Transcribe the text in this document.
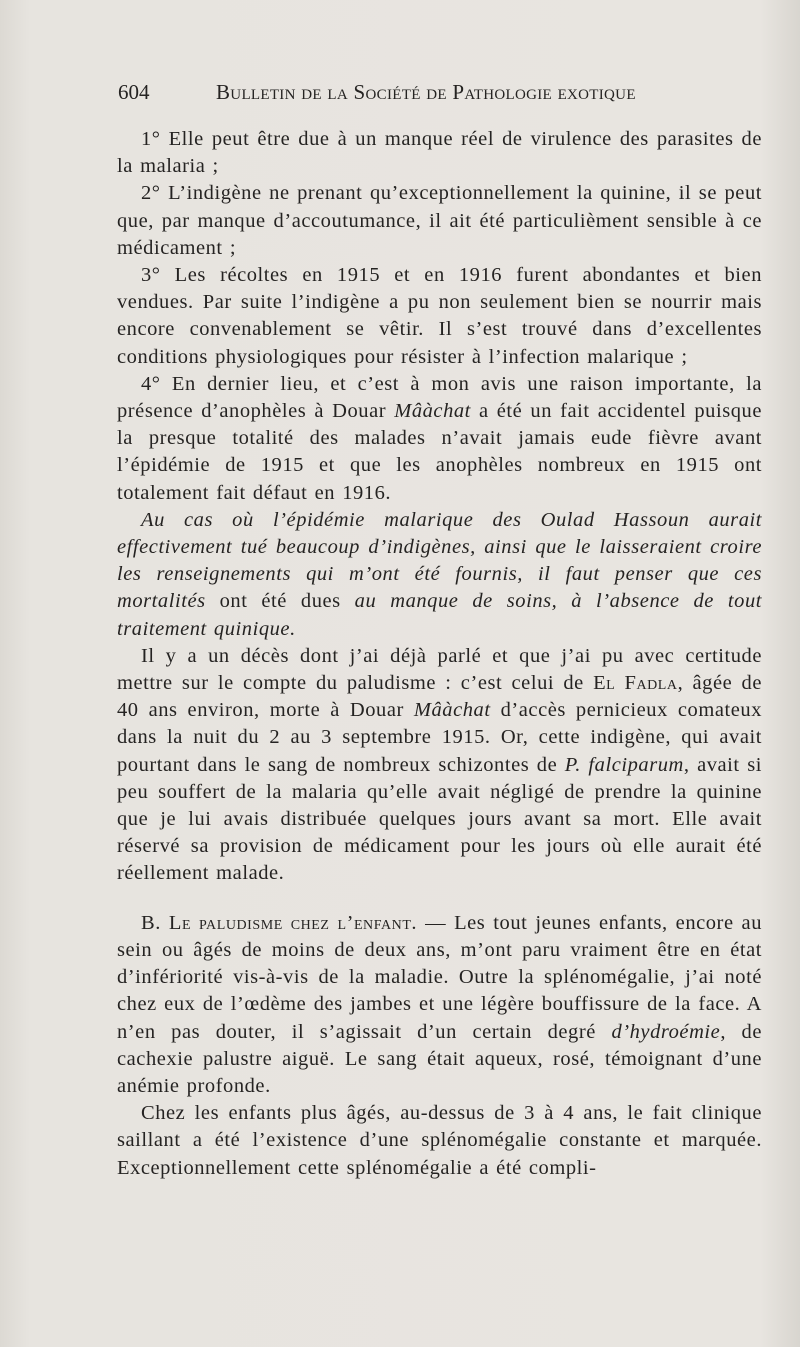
604	Bulletin de la Société de Pathologie exotique

1° Elle peut être due à un manque réel de virulence des parasites de la malaria ;

2° L’indigène ne prenant qu’exceptionnellement la quinine, il se peut que, par manque d’accoutumance, il ait été particulièment sensible à ce médicament ;

3° Les récoltes en 1915 et en 1916 furent abondantes et bien vendues. Par suite l’indigène a pu non seulement bien se nourrir mais encore convenablement se vêtir. Il s’est trouvé dans d’excellentes conditions physiologiques pour résister à l’infection malarique ;

4° En dernier lieu, et c’est à mon avis une raison importante, la présence d’anophèles à Douar Mâàchat a été un fait accidentel puisque la presque totalité des malades n’avait jamais eude fièvre avant l’épidémie de 1915 et que les anophèles nombreux en 1915 ont totalement fait défaut en 1916.

Au cas où l’épidémie malarique des Oulad Hassoun aurait effectivement tué beaucoup d’indigènes, ainsi que le laisseraient croire les renseignements qui m’ont été fournis, il faut penser que ces mortalités ont été dues au manque de soins, à l’absence de tout traitement quinique.

Il y a un décès dont j’ai déjà parlé et que j’ai pu avec certitude mettre sur le compte du paludisme : c’est celui de El Fadla, âgée de 40 ans environ, morte à Douar Mâàchat d’accès pernicieux comateux dans la nuit du 2 au 3 septembre 1915. Or, cette indigène, qui avait pourtant dans le sang de nombreux schizontes de P. falciparum, avait si peu souffert de la malaria qu’elle avait négligé de prendre la quinine que je lui avais distribuée quelques jours avant sa mort. Elle avait réservé sa provision de médicament pour les jours où elle aurait été réellement malade.

B. Le paludisme chez l’enfant. — Les tout jeunes enfants, encore au sein ou âgés de moins de deux ans, m’ont paru vraiment être en état d’infériorité vis-à-vis de la maladie. Outre la splénomégalie, j’ai noté chez eux de l’œdème des jambes et une légère bouffissure de la face. A n’en pas douter, il s’agissait d’un certain degré d’hydroémie, de cachexie palustre aiguë. Le sang était aqueux, rosé, témoignant d’une anémie profonde.

Chez les enfants plus âgés, au-dessus de 3 à 4 ans, le fait clinique saillant a été l’existence d’une splénomégalie constante et marquée. Exceptionnellement cette splénomégalie a été compli-
